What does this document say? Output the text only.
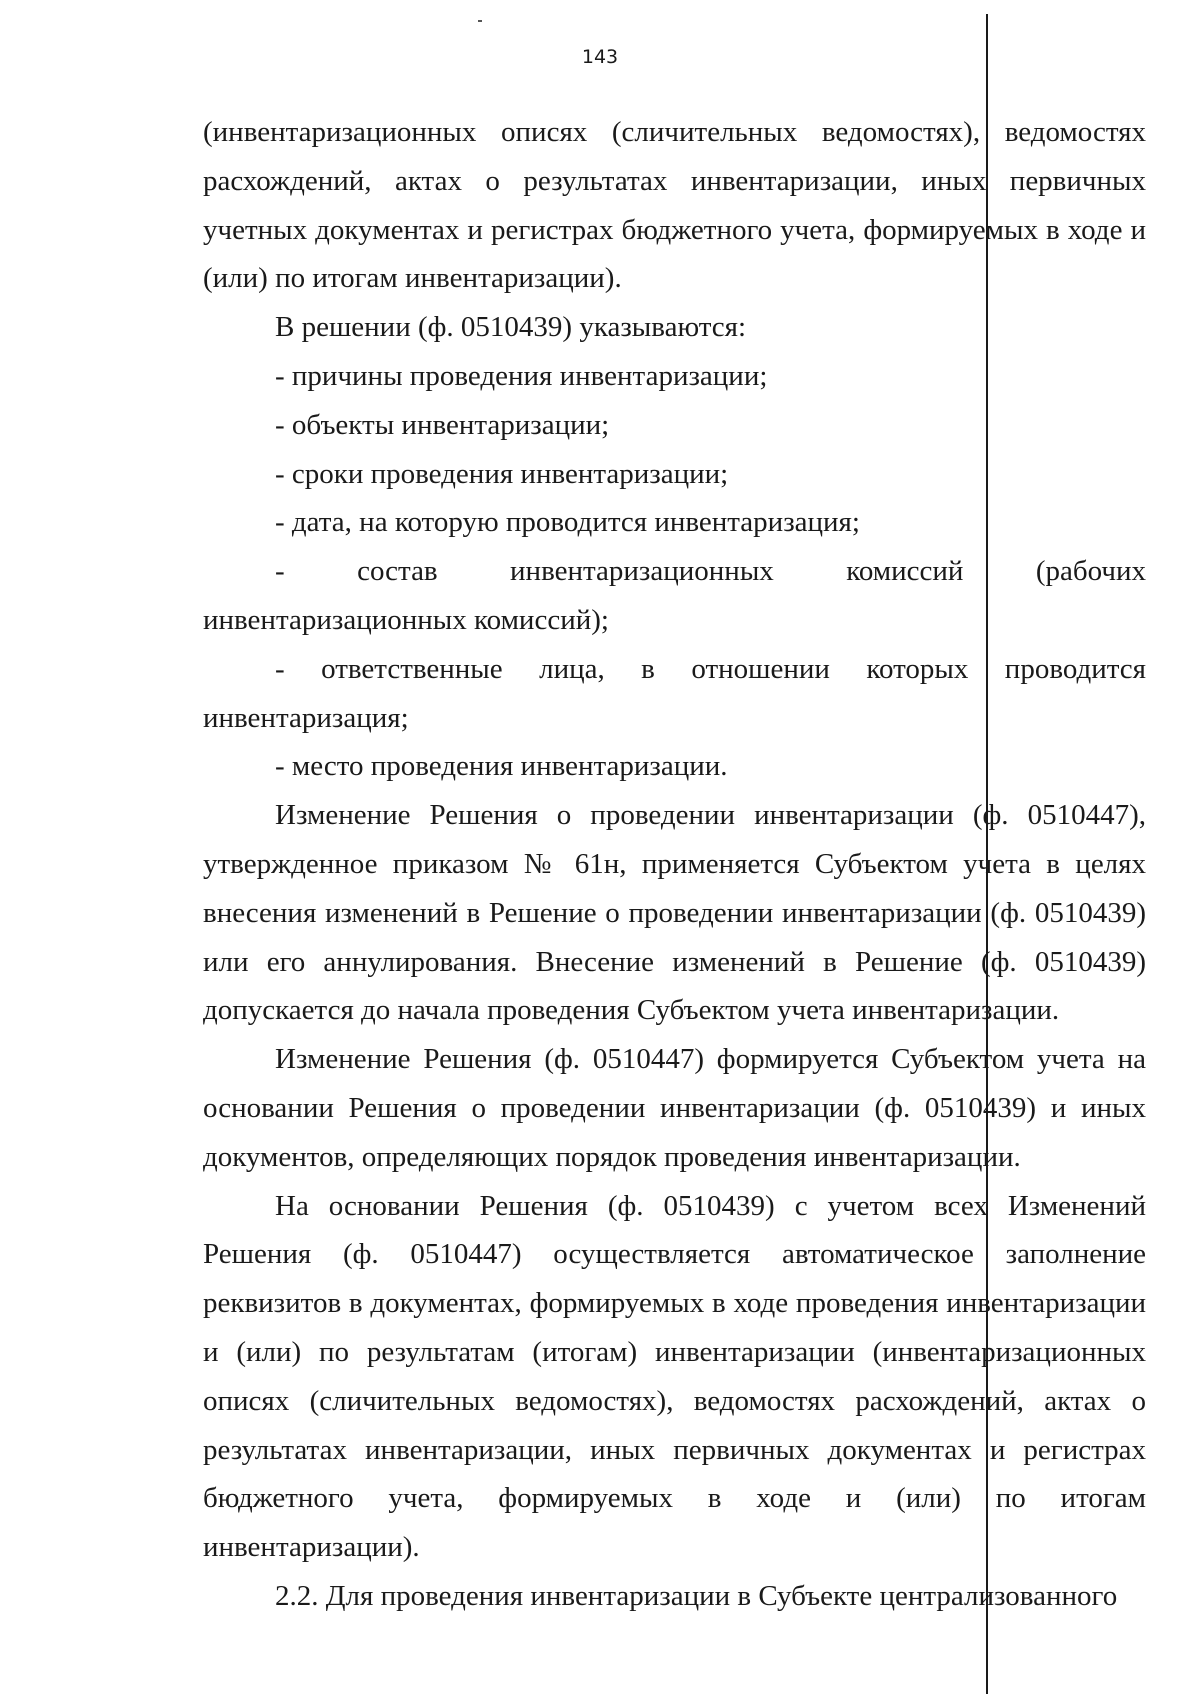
143

(инвентаризационных описях (сличительных ведомостях), ведомостях расхождений, актах о результатах инвентаризации, иных первичных учетных документах и регистрах бюджетного учета, формируемых в ходе и (или) по итогам инвентаризации).

В решении (ф. 0510439) указываются:

- причины проведения инвентаризации;

- объекты инвентаризации;

- сроки проведения инвентаризации;

- дата, на которую проводится инвентаризация;

- состав инвентаризационных комиссий (рабочих инвентаризационных комиссий);

- ответственные лица, в отношении которых проводится инвентаризация;

- место проведения инвентаризации.

Изменение Решения о проведении инвентаризации (ф. 0510447), утвержденное приказом № 61н, применяется Субъектом учета в целях внесения изменений в Решение о проведении инвентаризации (ф. 0510439) или его аннулирования. Внесение изменений в Решение (ф. 0510439) допускается до начала проведения Субъектом учета инвентаризации.

Изменение Решения (ф. 0510447) формируется Субъектом учета на основании Решения о проведении инвентаризации (ф. 0510439) и иных документов, определяющих порядок проведения инвентаризации.

На основании Решения (ф. 0510439) с учетом всех Изменений Решения (ф. 0510447) осуществляется автоматическое заполнение реквизитов в документах, формируемых в ходе проведения инвентаризации и (или) по результатам (итогам) инвентаризации (инвентаризационных описях (сличительных ведомостях), ведомостях расхождений, актах о результатах инвентаризации, иных первичных документах и регистрах бюджетного учета, формируемых в ходе и (или) по итогам инвентаризации).

2.2. Для проведения инвентаризации в Субъекте централизованного
